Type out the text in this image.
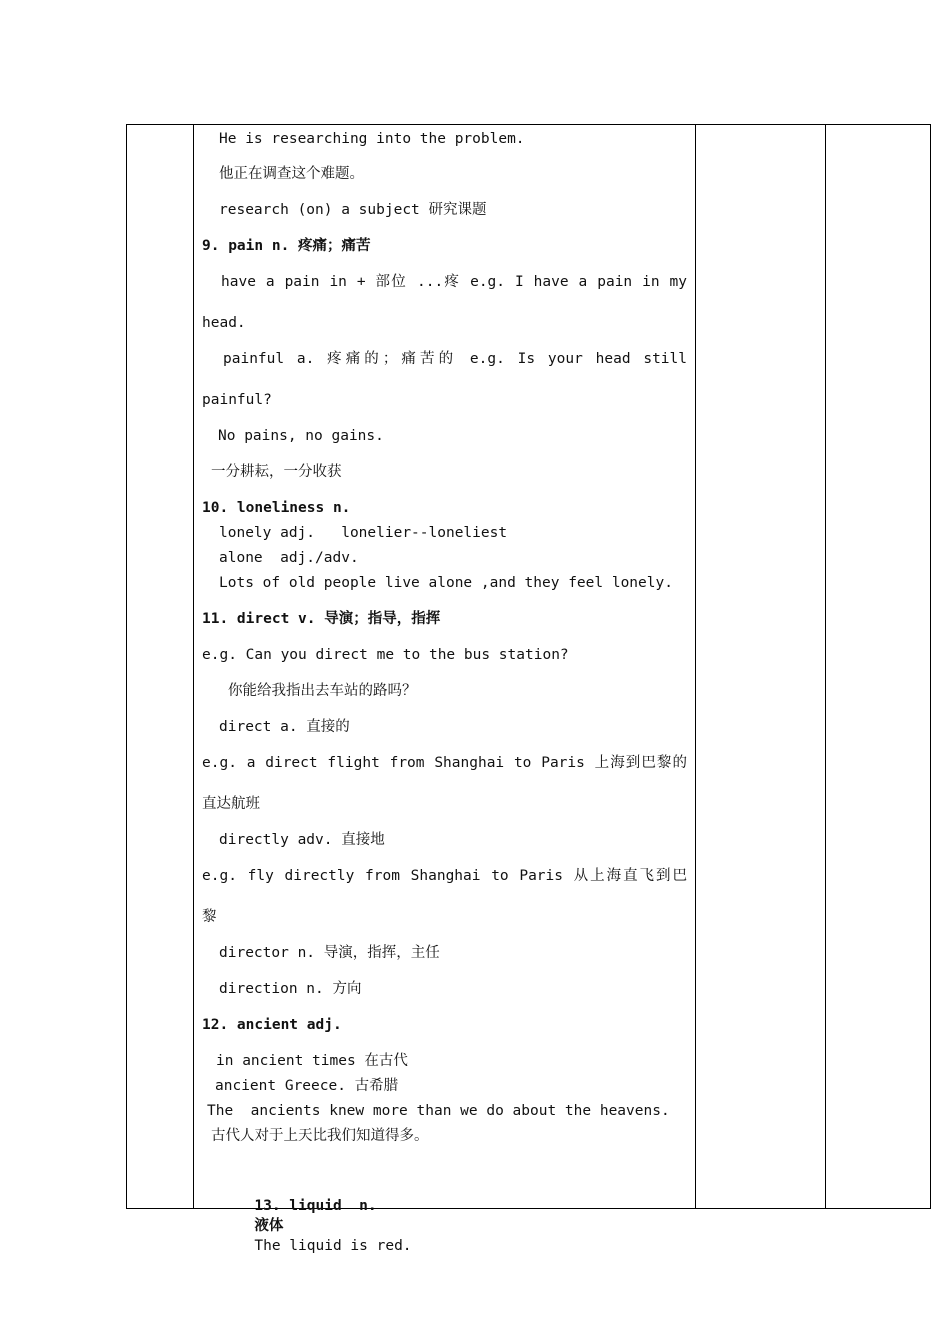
He is researching into the problem.
他正在调查这个难题。
research (on) a subject 研究课题
9. pain n. 疼痛；痛苦
have a pain in + 部位 ...疼 e.g. I have a pain in my
head.
painful a. 疼痛的；痛苦的 e.g. Is your head still
painful?
No pains, no gains.
一分耕耘，一分收获
10. loneliness n.
lonely adj.   lonelier--loneliest
alone  adj./adv.
Lots of old people live alone ,and they feel lonely.
11. direct v. 导演；指导，指挥
e.g. Can you direct me to the bus station?
你能给我指出去车站的路吗？
direct a. 直接的
e.g. a direct flight from Shanghai to Paris 上海到巴黎的
直达航班
directly adv. 直接地
e.g. fly directly from Shanghai to Paris 从上海直飞到巴
黎
director n. 导演，指挥，主任
direction n. 方向
12. ancient adj.
in ancient times 在古代
ancient Greece. 古希腊
The  ancients knew more than we do about the heavens.
古代人对于上天比我们知道得多。

13. liquid  n.
液体
The liquid is red.
